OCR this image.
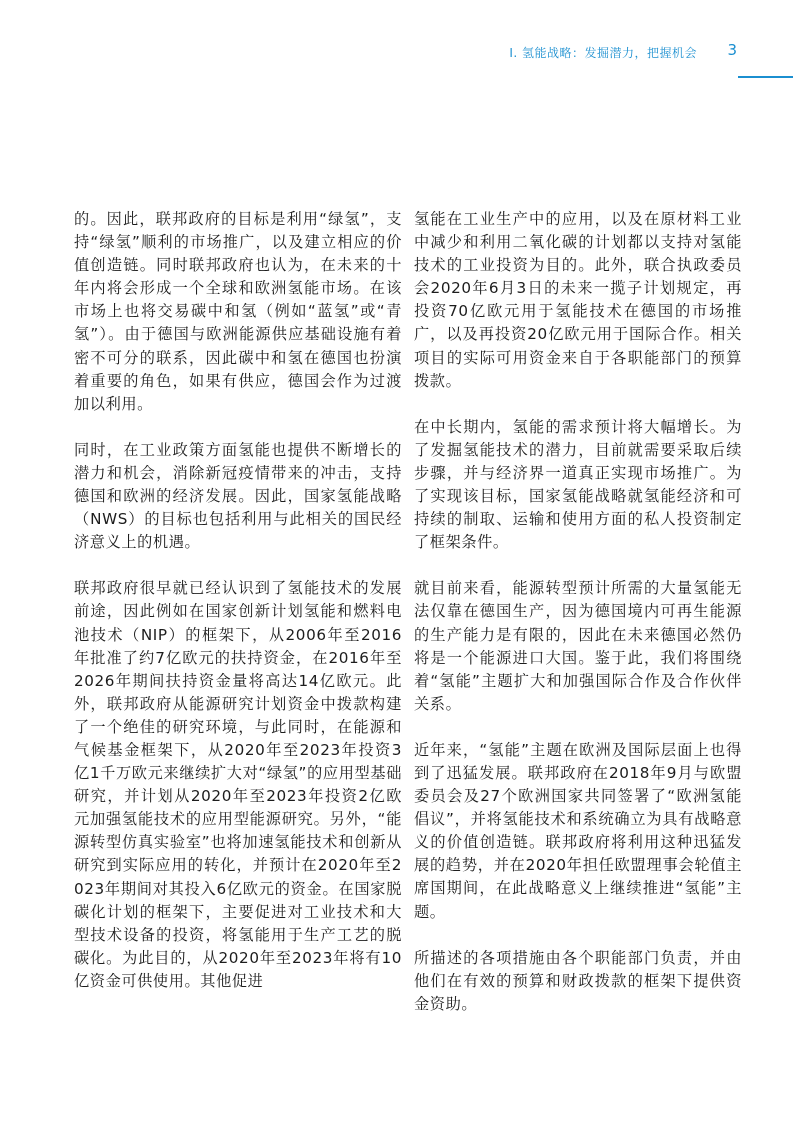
I. 氢能战略：发掘潜力，把握机会 3

的。因此，联邦政府的目标是利用“绿氢”，支持“绿氢”顺利的市场推广，以及建立相应的价值创造链。同时联邦政府也认为，在未来的十年内将会形成一个全球和欧洲氢能市场。在该市场上也将交易碳中和氢（例如“蓝氢”或“青氢”）。由于德国与欧洲能源供应基础设施有着密不可分的联系，因此碳中和氢在德国也扮演着重要的角色，如果有供应，德国会作为过渡加以利用。

同时，在工业政策方面氢能也提供不断增长的潜力和机会，消除新冠疫情带来的冲击，支持德国和欧洲的经济发展。因此，国家氢能战略（NWS）的目标也包括利用与此相关的国民经济意义上的机遇。

联邦政府很早就已经认识到了氢能技术的发展前途，因此例如在国家创新计划氢能和燃料电池技术（NIP）的框架下，从2006年至2016年批准了约7亿欧元的扶持资金，在2016年至2026年期间扶持资金量将高达14亿欧元。此外，联邦政府从能源研究计划资金中拨款构建了一个绝佳的研究环境，与此同时，在能源和气候基金框架下，从2020年至2023年投资3亿1千万欧元来继续扩大对“绿氢”的应用型基础研究，并计划从2020年至2023年投资2亿欧元加强氢能技术的应用型能源研究。另外，“能源转型仿真实验室”也将加速氢能技术和创新从研究到实际应用的转化，并预计在2020年至2023年期间对其投入6亿欧元的资金。在国家脱碳化计划的框架下，主要促进对工业技术和大型技术设备的投资，将氢能用于生产工艺的脱碳化。为此目的，从2020年至2023年将有10亿资金可供使用。其他促进

氢能在工业生产中的应用，以及在原材料工业中减少和利用二氧化碳的计划都以支持对氢能技术的工业投资为目的。此外，联合执政委员会2020年6月3日的未来一揽子计划规定，再投资70亿欧元用于氢能技术在德国的市场推广，以及再投资20亿欧元用于国际合作。相关项目的实际可用资金来自于各职能部门的预算拨款。

在中长期内，氢能的需求预计将大幅增长。为了发掘氢能技术的潜力，目前就需要采取后续步骤，并与经济界一道真正实现市场推广。为了实现该目标，国家氢能战略就氢能经济和可持续的制取、运输和使用方面的私人投资制定了框架条件。

就目前来看，能源转型预计所需的大量氢能无法仅靠在德国生产，因为德国境内可再生能源的生产能力是有限的，因此在未来德国必然仍将是一个能源进口大国。鉴于此，我们将围绕着“氢能”主题扩大和加强国际合作及合作伙伴关系。

近年来，“氢能”主题在欧洲及国际层面上也得到了迅猛发展。联邦政府在2018年9月与欧盟委员会及27个欧洲国家共同签署了“欧洲氢能倡议”，并将氢能技术和系统确立为具有战略意义的价值创造链。联邦政府将利用这种迅猛发展的趋势，并在2020年担任欧盟理事会轮值主席国期间，在此战略意义上继续推进“氢能”主题。

所描述的各项措施由各个职能部门负责，并由他们在有效的预算和财政拨款的框架下提供资金资助。
